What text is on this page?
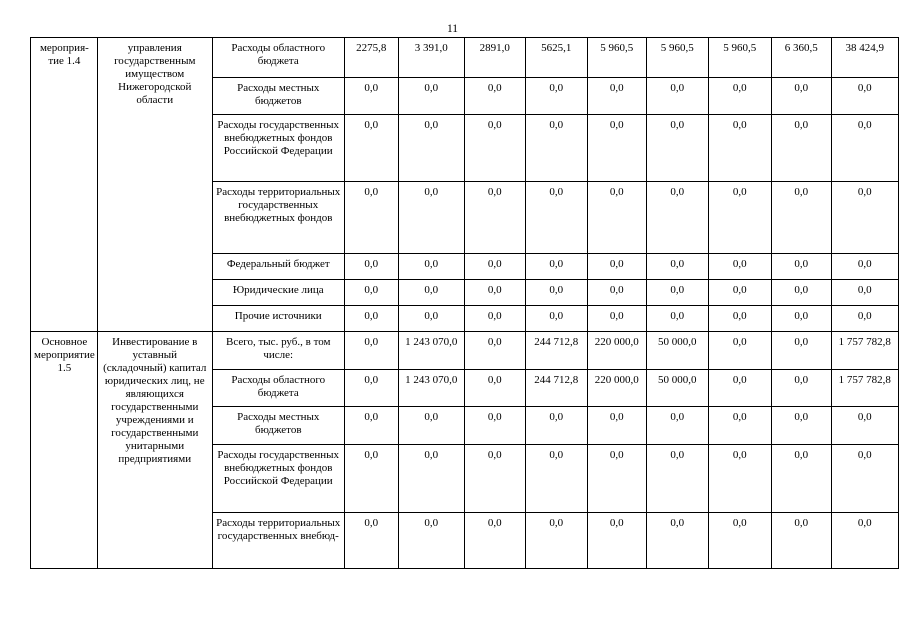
11
мероприя-тие 1.4	управления государственным имуществом Нижегородской области	Расходы областного бюджета	2275,8	3 391,0	2891,0	5625,1	5 960,5	5 960,5	5 960,5	6 360,5	38 424,9
		Расходы местных бюджетов	0,0	0,0	0,0	0,0	0,0	0,0	0,0	0,0	0,0
		Расходы государственных внебюджетных фондов Российской Федерации	0,0	0,0	0,0	0,0	0,0	0,0	0,0	0,0	0,0
		Расходы территориальных государственных внебюджетных фондов	0,0	0,0	0,0	0,0	0,0	0,0	0,0	0,0	0,0
		Федеральный бюджет	0,0	0,0	0,0	0,0	0,0	0,0	0,0	0,0	0,0
		Юридические лица	0,0	0,0	0,0	0,0	0,0	0,0	0,0	0,0	0,0
		Прочие источники	0,0	0,0	0,0	0,0	0,0	0,0	0,0	0,0	0,0
Основное мероприятие 1.5	Инвестирование в уставный (складочный) капитал юридических лиц, не являющихся государственными учреждениями и государственными унитарными предприятиями	Всего, тыс. руб., в том числе:	0,0	1 243 070,0	0,0	244 712,8	220 000,0	50 000,0	0,0	0,0	1 757 782,8
		Расходы областного бюджета	0,0	1 243 070,0	0,0	244 712,8	220 000,0	50 000,0	0,0	0,0	1 757 782,8
		Расходы местных бюджетов	0,0	0,0	0,0	0,0	0,0	0,0	0,0	0,0	0,0
		Расходы государственных внебюджетных фондов Российской Федерации	0,0	0,0	0,0	0,0	0,0	0,0	0,0	0,0	0,0
		Расходы территориальных государственных внебюд-	0,0	0,0	0,0	0,0	0,0	0,0	0,0	0,0	0,0
